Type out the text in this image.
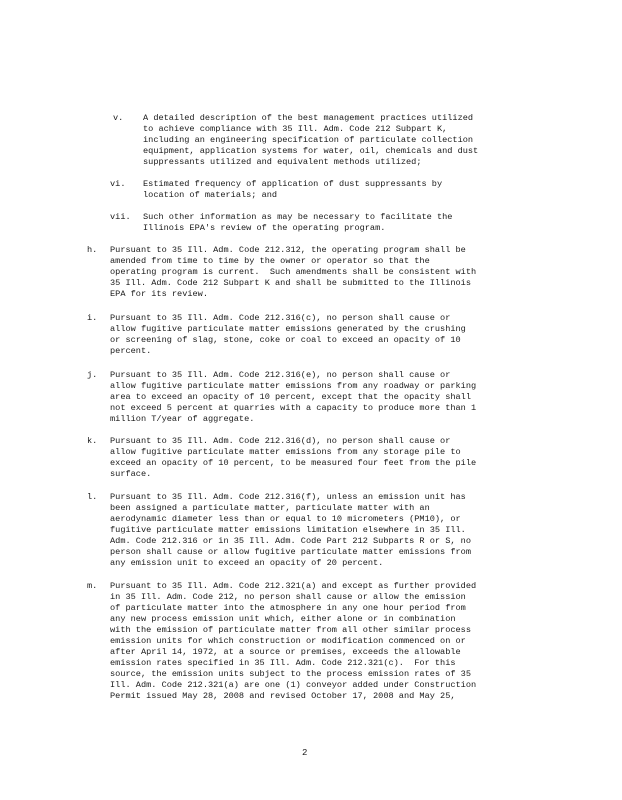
v. A detailed description of the best management practices utilized
to achieve compliance with 35 Ill. Adm. Code 212 Subpart K,
including an engineering specification of particulate collection
equipment, application systems for water, oil, chemicals and dust
suppressants utilized and equivalent methods utilized;
vi. Estimated frequency of application of dust suppressants by
location of materials; and
vii. Such other information as may be necessary to facilitate the
Illinois EPA's review of the operating program.
h. Pursuant to 35 Ill. Adm. Code 212.312, the operating program shall be
amended from time to time by the owner or operator so that the
operating program is current.  Such amendments shall be consistent with
35 Ill. Adm. Code 212 Subpart K and shall be submitted to the Illinois
EPA for its review.
i. Pursuant to 35 Ill. Adm. Code 212.316(c), no person shall cause or
allow fugitive particulate matter emissions generated by the crushing
or screening of slag, stone, coke or coal to exceed an opacity of 10
percent.
j. Pursuant to 35 Ill. Adm. Code 212.316(e), no person shall cause or
allow fugitive particulate matter emissions from any roadway or parking
area to exceed an opacity of 10 percent, except that the opacity shall
not exceed 5 percent at quarries with a capacity to produce more than 1
million T/year of aggregate.
k. Pursuant to 35 Ill. Adm. Code 212.316(d), no person shall cause or
allow fugitive particulate matter emissions from any storage pile to
exceed an opacity of 10 percent, to be measured four feet from the pile
surface.
l. Pursuant to 35 Ill. Adm. Code 212.316(f), unless an emission unit has
been assigned a particulate matter, particulate matter with an
aerodynamic diameter less than or equal to 10 micrometers (PM10), or
fugitive particulate matter emissions limitation elsewhere in 35 Ill.
Adm. Code 212.316 or in 35 Ill. Adm. Code Part 212 Subparts R or S, no
person shall cause or allow fugitive particulate matter emissions from
any emission unit to exceed an opacity of 20 percent.
m. Pursuant to 35 Ill. Adm. Code 212.321(a) and except as further provided
in 35 Ill. Adm. Code 212, no person shall cause or allow the emission
of particulate matter into the atmosphere in any one hour period from
any new process emission unit which, either alone or in combination
with the emission of particulate matter from all other similar process
emission units for which construction or modification commenced on or
after April 14, 1972, at a source or premises, exceeds the allowable
emission rates specified in 35 Ill. Adm. Code 212.321(c).  For this
source, the emission units subject to the process emission rates of 35
Ill. Adm. Code 212.321(a) are one (1) conveyor added under Construction
Permit issued May 28, 2008 and revised October 17, 2008 and May 25,
2
